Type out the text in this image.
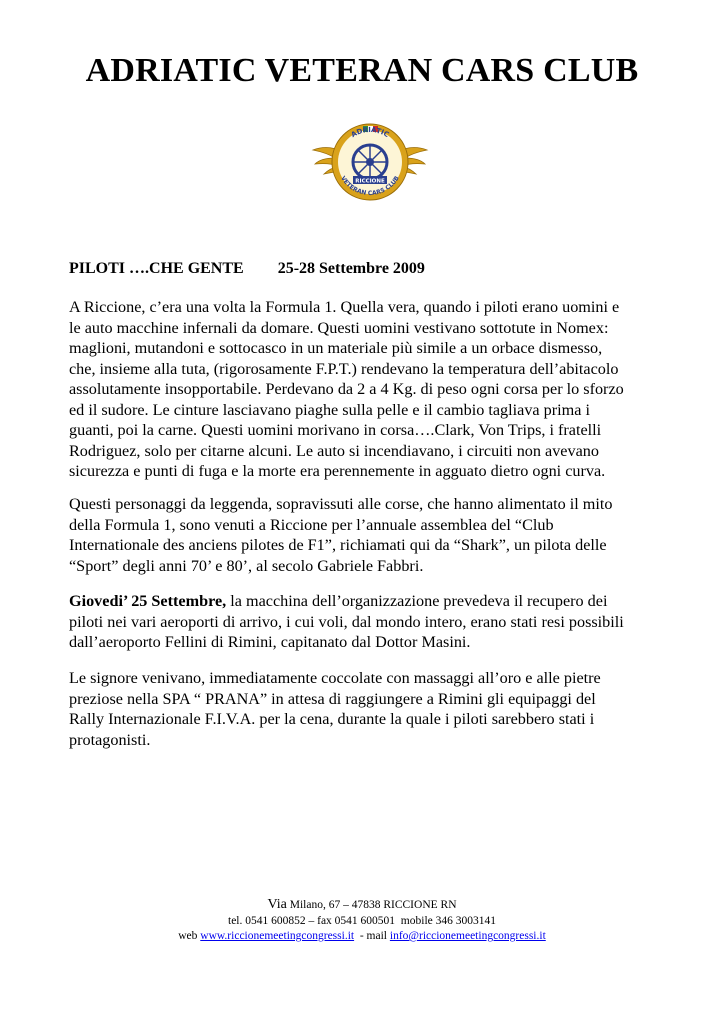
ADRIATIC VETERAN CARS CLUB
ADRIATIC
VETERAN CARS CLUB
RICCIONE
PILOTI ….CHE GENTE 25-28 Settembre 2009
A Riccione, c’era una volta la Formula 1. Quella vera, quando i piloti erano uomini e
le auto macchine infernali da domare. Questi uomini vestivano sottotute in Nomex:
maglioni, mutandoni e sottocasco in un materiale più simile a un orbace dismesso,
che, insieme alla tuta, (rigorosamente F.P.T.) rendevano la temperatura dell’abitacolo
assolutamente insopportabile. Perdevano da 2 a 4 Kg. di peso ogni corsa per lo sforzo
ed il sudore. Le cinture lasciavano piaghe sulla pelle e il cambio tagliava prima i
guanti, poi la carne. Questi uomini morivano in corsa….Clark, Von Trips, i fratelli
Rodriguez, solo per citarne alcuni. Le auto si incendiavano, i circuiti non avevano
sicurezza e punti di fuga e la morte era perennemente in agguato dietro ogni curva.
Questi personaggi da leggenda, sopravissuti alle corse, che hanno alimentato il mito
della Formula 1, sono venuti a Riccione per l’annuale assemblea del “Club
Internationale des anciens pilotes de F1”, richiamati qui da “Shark”, un pilota delle
“Sport” degli anni 70’ e 80’, al secolo Gabriele Fabbri.
Giovedi’ 25 Settembre, la macchina dell’organizzazione prevedeva il recupero dei
piloti nei vari aeroporti di arrivo, i cui voli, dal mondo intero, erano stati resi possibili
dall’aeroporto Fellini di Rimini, capitanato dal Dottor Masini.
Le signore venivano, immediatamente coccolate con massaggi all’oro e alle pietre
preziose nella SPA “ PRANA” in attesa di raggiungere a Rimini gli equipaggi del
Rally Internazionale F.I.V.A. per la cena, durante la quale i piloti sarebbero stati i
protagonisti.
Via Milano, 67 – 47838 RICCIONE RN
tel. 0541 600852 – fax 0541 600501  mobile 346 3003141
web www.riccionemeetingcongressi.it  - mail info@riccionemeetingcongressi.it
